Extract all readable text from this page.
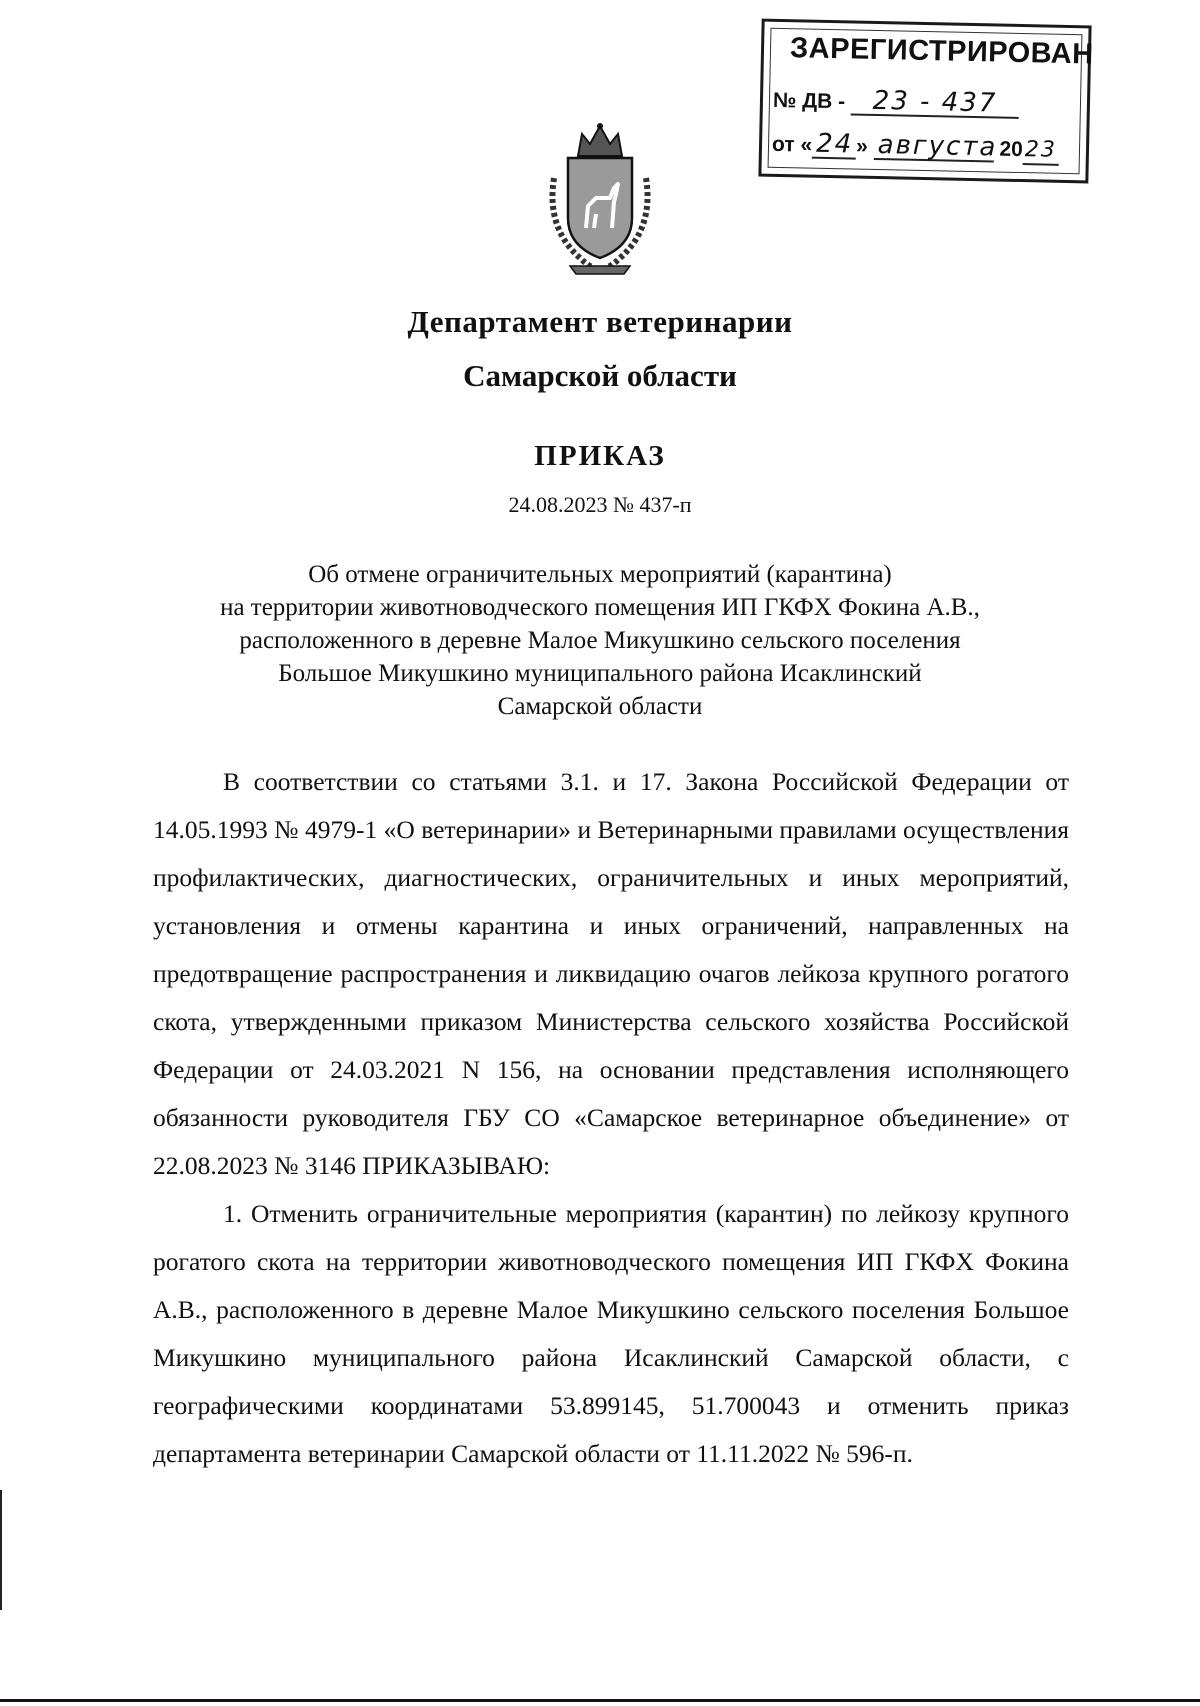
ЗАРЕГИСТРИРОВАН
№ ДВ - 23 - 437
от « 24 » августа 2023
Департамент ветеринарии
Самарской области
ПРИКАЗ
24.08.2023 № 437-п
Об отмене ограничительных мероприятий (карантина)
на территории животноводческого помещения ИП ГКФХ Фокина А.В.,
расположенного в деревне Малое Микушкино сельского поселения
Большое Микушкино муниципального района Исаклинский
Самарской области

В соответствии со статьями 3.1. и 17. Закона Российской Федерации от 14.05.1993 № 4979-1 «О ветеринарии» и Ветеринарными правилами осуществления профилактических, диагностических, ограничительных и иных мероприятий, установления и отмены карантина и иных ограничений, направленных на предотвращение распространения и ликвидацию очагов лейкоза крупного рогатого скота, утвержденными приказом Министерства сельского хозяйства Российской Федерации от 24.03.2021 N 156, на основании представления исполняющего обязанности руководителя ГБУ СО «Самарское ветеринарное объединение» от 22.08.2023 № 3146 ПРИКАЗЫВАЮ:

1. Отменить ограничительные мероприятия (карантин) по лейкозу крупного рогатого скота на территории животноводческого помещения ИП ГКФХ Фокина А.В., расположенного в деревне Малое Микушкино сельского поселения Большое Микушкино муниципального района Исаклинский Самарской области, с географическими координатами 53.899145, 51.700043 и отменить приказ департамента ветеринарии Самарской области от 11.11.2022 № 596-п.
